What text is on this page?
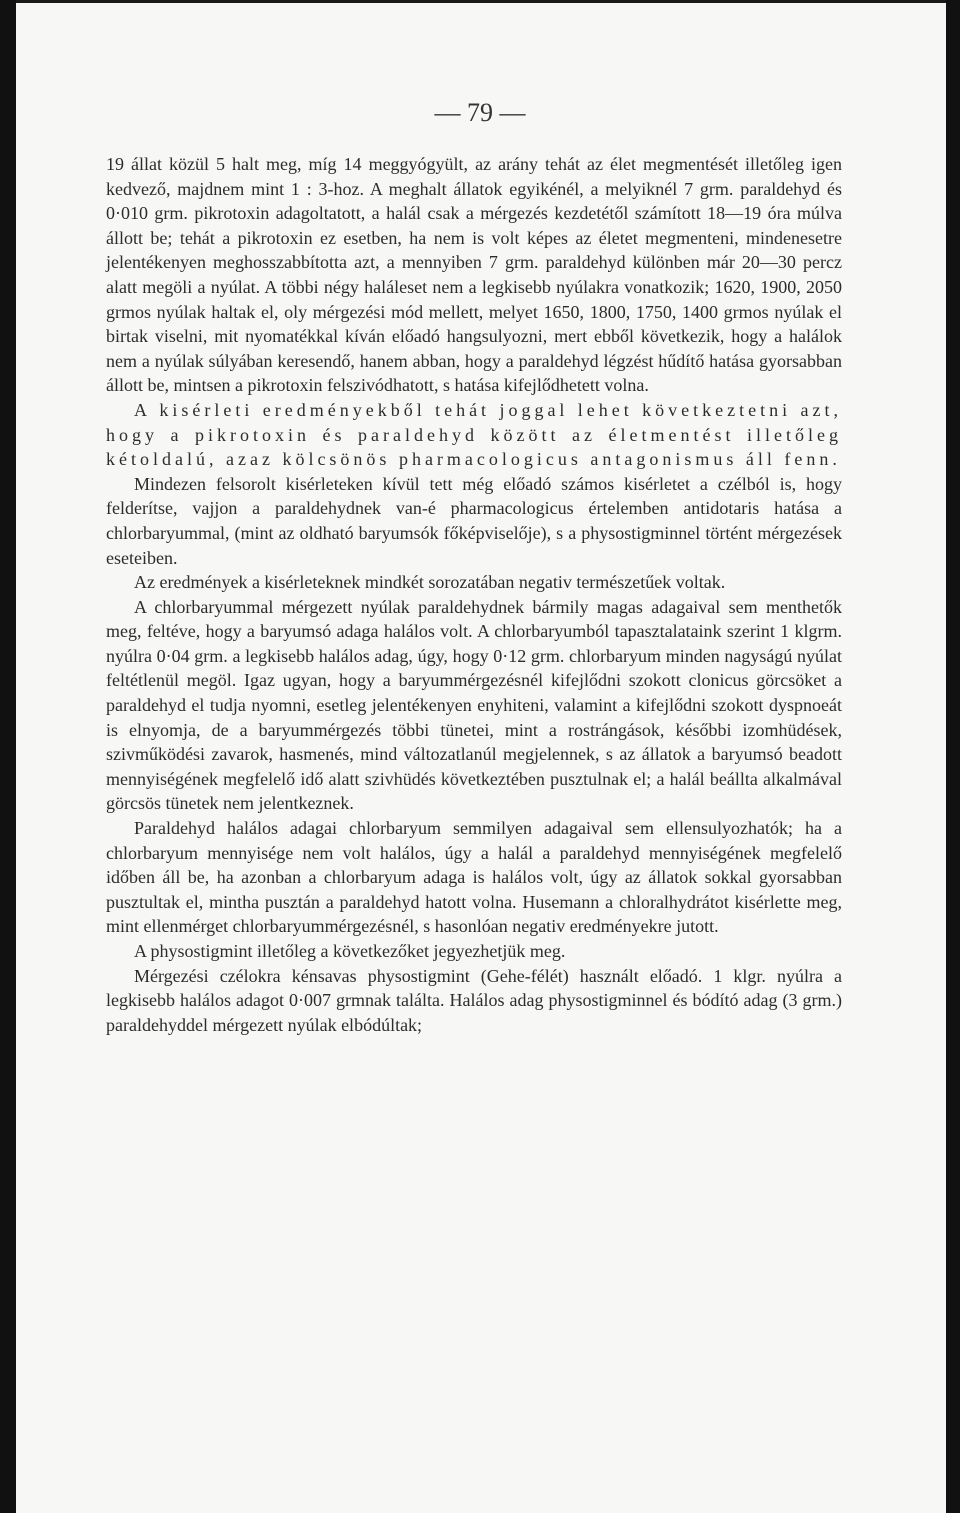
— 79 —

19 állat közül 5 halt meg, míg 14 meggyógyült, az arány tehát az élet megmentését illetőleg igen kedvező, majdnem mint 1 : 3-hoz. A meghalt állatok egyikénél, a melyiknél 7 grm. paraldehyd és 0·010 grm. pikrotoxin adagoltatott, a halál csak a mérgezés kezdetétől számított 18—19 óra múlva állott be; tehát a pikrotoxin ez esetben, ha nem is volt képes az életet megmenteni, mindenesetre jelentékenyen meghosszabbította azt, a mennyiben 7 grm. paraldehyd különben már 20—30 percz alatt megöli a nyúlat. A többi négy haláleset nem a legkisebb nyúlakra vonatkozik; 1620, 1900, 2050 grmos nyúlak haltak el, oly mérgezési mód mellett, melyet 1650, 1800, 1750, 1400 grmos nyúlak el birtak viselni, mit nyomatékkal kíván előadó hangsulyozni, mert ebből következik, hogy a halálok nem a nyúlak súlyában keresendő, hanem abban, hogy a paraldehyd légzést hűdítő hatása gyorsabban állott be, mintsen a pikrotoxin felszivódhatott, s hatása kifejlődhetett volna.

A kisérleti eredményekből tehát joggal lehet következtetni azt, hogy a pikrotoxin és paraldehyd között az életmentést illetőleg kétoldalú, azaz kölcsönös pharmacologicus antagonismus áll fenn.

Mindezen felsorolt kisérleteken kívül tett még előadó számos kisérletet a czélból is, hogy felderítse, vajjon a paraldehydnek van-é pharmacologicus értelemben antidotaris hatása a chlorbaryummal, (mint az oldható baryumsók főképviselője), s a physostigminnel történt mérgezések eseteiben.

Az eredmények a kisérleteknek mindkét sorozatában negativ természetűek voltak.

A chlorbaryummal mérgezett nyúlak paraldehydnek bármily magas adagaival sem menthetők meg, feltéve, hogy a baryumsó adaga halálos volt. A chlorbaryumból tapasztalataink szerint 1 klgrm. nyúlra 0·04 grm. a legkisebb halálos adag, úgy, hogy 0·12 grm. chlorbaryum minden nagyságú nyúlat feltétlenül megöl. Igaz ugyan, hogy a baryummérgezésnél kifejlődni szokott clonicus görcsöket a paraldehyd el tudja nyomni, esetleg jelentékenyen enyhiteni, valamint a kifejlődni szokott dyspnoeát is elnyomja, de a baryummérgezés többi tünetei, mint a rostrángások, későbbi izomhüdések, szivműködési zavarok, hasmenés, mind változatlanúl megjelennek, s az állatok a baryumsó beadott mennyiségének megfelelő idő alatt szivhüdés következtében pusztulnak el; a halál beálltа alkalmával görcsös tünetek nem jelentkeznek.

Paraldehyd halálos adagai chlorbaryum semmilyen adagaival sem ellensulyozhatók; ha a chlorbaryum mennyisége nem volt halálos, úgy a halál a paraldehyd mennyiségének megfelelő időben áll be, ha azonban a chlorbaryum adaga is halálos volt, úgy az állatok sokkal gyorsabban pusztultak el, mintha pusztán a paraldehyd hatott volna. Husemann a chloralhydrátot kisérlette meg, mint ellenmérget chlorbaryummérgezésnél, s hasonlóan negativ eredményekre jutott.

A physostigmint illetőleg a következőket jegyezhetjük meg.

Mérgezési czélokra kénsavas physostigmint (Gehe-félét) használt előadó. 1 klgr. nyúlra a legkisebb halálos adagot 0·007 grmnak találta. Halálos adag physostigminnel és bódító adag (3 grm.) paraldehyddel mérgezett nyúlak elbódúltak;
